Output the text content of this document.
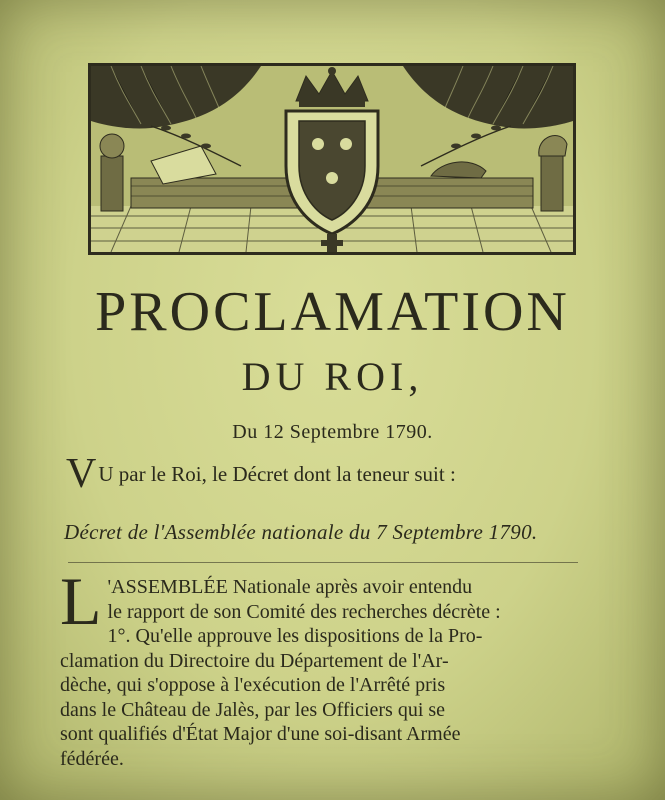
PROCLAMATION
DU ROI,
Du 12 Septembre 1790.
VU par le Roi, le Décret dont la teneur suit :
Décret de l'Assemblée nationale du 7 Septembre 1790.
L 'ASSEMBLÉE Nationale après avoir entendu
le rapport de son Comité des recherches décrète :
1°. Qu'elle approuve les dispositions de la Pro-
clamation du Directoire du Département de l'Ar-
dèche, qui s'oppose à l'exécution de l'Arrêté pris
dans le Château de Jalès, par les Officiers qui se
sont qualifiés d'État Major d'une soi-disant Armée
fédérée.
